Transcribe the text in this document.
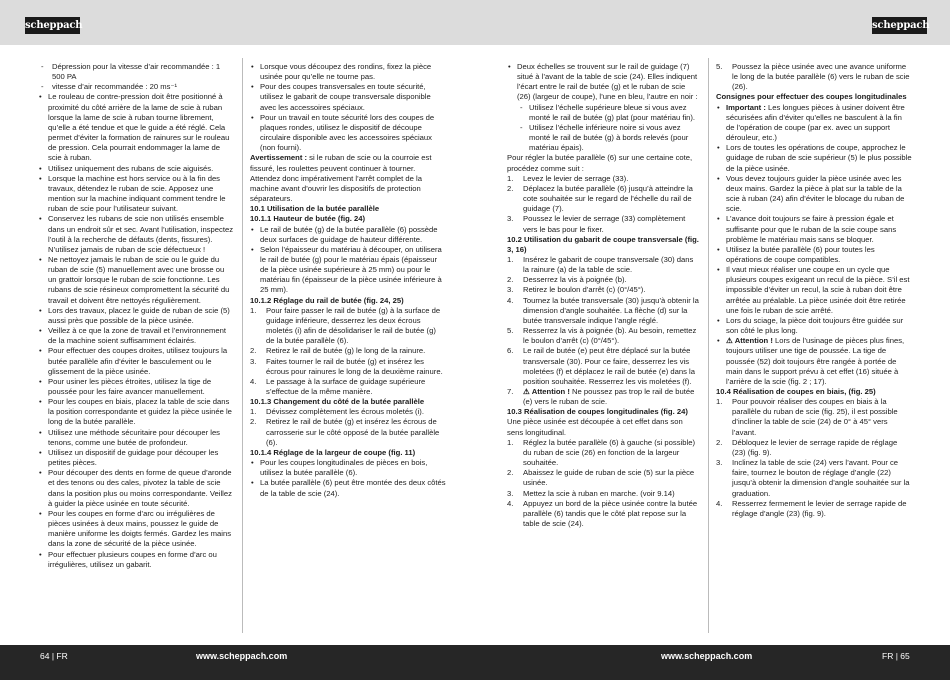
scheppach	scheppach
- Dépression pour la vitesse d’air recommandée : 1 500 PA
- vitesse d’air recommandée : 20 ms⁻¹
• Le rouleau de contre-pression doit être positionné à proximité du côté arrière de la lame de scie à ruban lorsque la lame de scie à ruban tourne librement, qu’elle a été tendue et que le guide a été réglé. Cela permet d’éviter la formation de rainures sur le rouleau de pression. Cela pourrait endommager la lame de scie à ruban.
• Utilisez uniquement des rubans de scie aiguisés.
• Lorsque la machine est hors service ou à la fin des travaux, détendez le ruban de scie. Apposez une mention sur la machine indiquant comment tendre le ruban de scie pour l’utilisateur suivant.
• Conservez les rubans de scie non utilisés ensemble dans un endroit sûr et sec. Avant l’utilisation, inspectez l’outil à la recherche de défauts (dents, fissures). N’utilisez jamais de ruban de scie défectueux !
• Ne nettoyez jamais le ruban de scie ou le guide du ruban de scie (5) manuellement avec une brosse ou un grattoir lorsque le ruban de scie fonctionne. Les rubans de scie résineux compromettent la sécurité du travail et doivent être nettoyés régulièrement.
• Lors des travaux, placez le guide de ruban de scie (5) aussi près que possible de la pièce usinée.
• Veillez à ce que la zone de travail et l’environnement de la machine soient suffisamment éclairés.
• Pour effectuer des coupes droites, utilisez toujours la butée parallèle afin d’éviter le basculement ou le glissement de la pièce usinée.
• Pour usiner les pièces étroites, utilisez la tige de poussée pour les faire avancer manuellement.
• Pour les coupes en biais, placez la table de scie dans la position correspondante et guidez la pièce usinée le long de la butée parallèle.
• Utilisez une méthode sécuritaire pour découper les tenons, comme une butée de profondeur.
• Utilisez un dispositif de guidage pour découper les petites pièces.
• Pour découper des dents en forme de queue d’aronde et des tenons ou des cales, pivotez la table de scie dans la position plus ou moins correspondante. Veillez à guider la pièce usinée en toute sécurité.
• Pour les coupes en forme d’arc ou irrégulières de pièces usinées à deux mains, poussez le guide de manière uniforme les doigts fermés. Gardez les mains dans la zone de sécurité de la pièce usinée.
• Pour effectuer plusieurs coupes en forme d’arc ou irrégulières, utilisez un gabarit.
• Lorsque vous découpez des rondins, fixez la pièce usinée pour qu’elle ne tourne pas.
• Pour des coupes transversales en toute sécurité, utilisez le gabarit de coupe transversale disponible avec les accessoires spéciaux.
• Pour un travail en toute sécurité lors des coupes de plaques rondes, utilisez le dispositif de découpe circulaire disponible avec les accessoires spéciaux (non fourni).

Avertissement : si le ruban de scie ou la courroie est fissuré, les roulettes peuvent continuer à tourner. Attendez donc impérativement l’arrêt complet de la machine avant d’ouvrir les dispositifs de protection séparateurs.

10.1 Utilisation de la butée parallèle

10.1.1 Hauteur de butée (fig. 24)

• Le rail de butée (g) de la butée parallèle (6) possède deux surfaces de guidage de hauteur différente.
• Selon l’épaisseur du matériau à découper, on utilisera le rail de butée (g) pour le matériau épais (épaisseur de la pièce usinée supérieure à 25 mm) ou pour le matériau fin (épaisseur de la pièce usinée inférieure à 25 mm).

10.1.2 Réglage du rail de butée (fig. 24, 25)

1. Pour faire passer le rail de butée (g) à la surface de guidage inférieure, desserrez les deux écrous moletés (i) afin de désolidariser le rail de butée (g) de la butée parallèle (6).
2. Retirez le rail de butée (g) le long de la rainure.
3. Faites tourner le rail de butée (g) et insérez les écrous pour rainures le long de la deuxième rainure.
4. Le passage à la surface de guidage supérieure s’effectue de la même manière.

10.1.3 Changement du côté de la butée parallèle

1. Dévissez complètement les écrous moletés (i).
2. Retirez le rail de butée (g) et insérez les écrous de carrosserie sur le côté opposé de la butée parallèle (6).

10.1.4 Réglage de la largeur de coupe (fig. 11)

• Pour les coupes longitudinales de pièces en bois, utilisez la butée parallèle (6).
• La butée parallèle (6) peut être montée des deux côtés de la table de scie (24).
• Deux échelles se trouvent sur le rail de guidage (7) situé à l’avant de la table de scie (24). Elles indiquent l’écart entre le rail de butée (g) et le ruban de scie (26) (largeur de coupe), l’une en bleu, l’autre en noir :
- Utilisez l’échelle supérieure bleue si vous avez monté le rail de butée (g) plat (pour matériau fin).
- Utilisez l’échelle inférieure noire si vous avez monté le rail de butée (g) à bords relevés (pour matériau épais).

Pour régler la butée parallèle (6) sur une certaine cote, procédez comme suit :

1. Levez le levier de serrage (33).
2. Déplacez la butée parallèle (6) jusqu’à atteindre la cote souhaitée sur le regard de l’échelle du rail de guidage (7).
3. Poussez le levier de serrage (33) complètement vers le bas pour le fixer.

10.2 Utilisation du gabarit de coupe transversale (fig. 3, 16)

1. Insérez le gabarit de coupe transversale (30) dans la rainure (a) de la table de scie.
2. Desserrez la vis à poignée (b).
3. Retirez le boulon d’arrêt (c) (0°/45°).
4. Tournez la butée transversale (30) jusqu’à obtenir la dimension d’angle souhaitée. La flèche (d) sur la butée transversale indique l’angle réglé.
5. Resserrez la vis à poignée (b). Au besoin, remettez le boulon d’arrêt (c) (0°/45°).
6. Le rail de butée (e) peut être déplacé sur la butée transversale (30). Pour ce faire, desserrez les vis moletées (f) et déplacez le rail de butée (e) dans la position souhaitée. Resserrez les vis moletées (f).
7. ⚠ Attention ! Ne poussez pas trop le rail de butée (e) vers le ruban de scie.

10.3 Réalisation de coupes longitudinales (fig. 24)

Une pièce usinée est découpée à cet effet dans son sens longitudinal.

1. Réglez la butée parallèle (6) à gauche (si possible) du ruban de scie (26) en fonction de la largeur souhaitée.
2. Abaissez le guide de ruban de scie (5) sur la pièce usinée.
3. Mettez la scie à ruban en marche. (voir 9.14)
4. Appuyez un bord de la pièce usinée contre la butée parallèle (6) tandis que le côté plat repose sur la table de scie (24).
5. Poussez la pièce usinée avec une avance uniforme le long de la butée parallèle (6) vers le ruban de scie (26).

Consignes pour effectuer des coupes longitudinales

• Important : Les longues pièces à usiner doivent être sécurisées afin d’éviter qu’elles ne basculent à la fin de l’opération de coupe (par ex. avec un support dérouleur, etc.)
• Lors de toutes les opérations de coupe, approchez le guidage de ruban de scie supérieur (5) le plus possible de la pièce usinée.
• Vous devez toujours guider la pièce usinée avec les deux mains. Gardez la pièce à plat sur la table de la scie à ruban (24) afin d’éviter le blocage du ruban de scie.
• L’avance doit toujours se faire à pression égale et suffisante pour que le ruban de la scie coupe sans problème le matériau mais sans se bloquer.
• Utilisez la butée parallèle (6) pour toutes les opérations de coupe compatibles.
• Il vaut mieux réaliser une coupe en un cycle que plusieurs coupes exigeant un recul de la pièce. S’il est impossible d’éviter un recul, la scie à ruban doit être arrêtée au préalable. La pièce usinée doit être retirée une fois le ruban de scie arrêté.
• Lors du sciage, la pièce doit toujours être guidée sur son côté le plus long.
• ⚠ Attention ! Lors de l’usinage de pièces plus fines, toujours utiliser une tige de poussée. La tige de poussée (52) doit toujours être rangée à portée de main dans le support prévu à cet effet (16) située à l’arrière de la scie (fig. 2 ; 17).

10.4 Réalisation de coupes en biais, (fig. 25)

1. Pour pouvoir réaliser des coupes en biais à la parallèle du ruban de scie (fig. 25), il est possible d’incliner la table de scie (24) de 0° à 45° vers l’avant.
2. Débloquez le levier de serrage rapide de réglage (23) (fig. 9).
3. Inclinez la table de scie (24) vers l’avant. Pour ce faire, tournez le bouton de réglage d’angle (22) jusqu’à obtenir la dimension d’angle souhaitée sur la graduation.
4. Resserrez fermement le levier de serrage rapide de réglage d’angle (23) (fig. 9).
64 | FR	www.scheppach.com	www.scheppach.com	FR | 65
